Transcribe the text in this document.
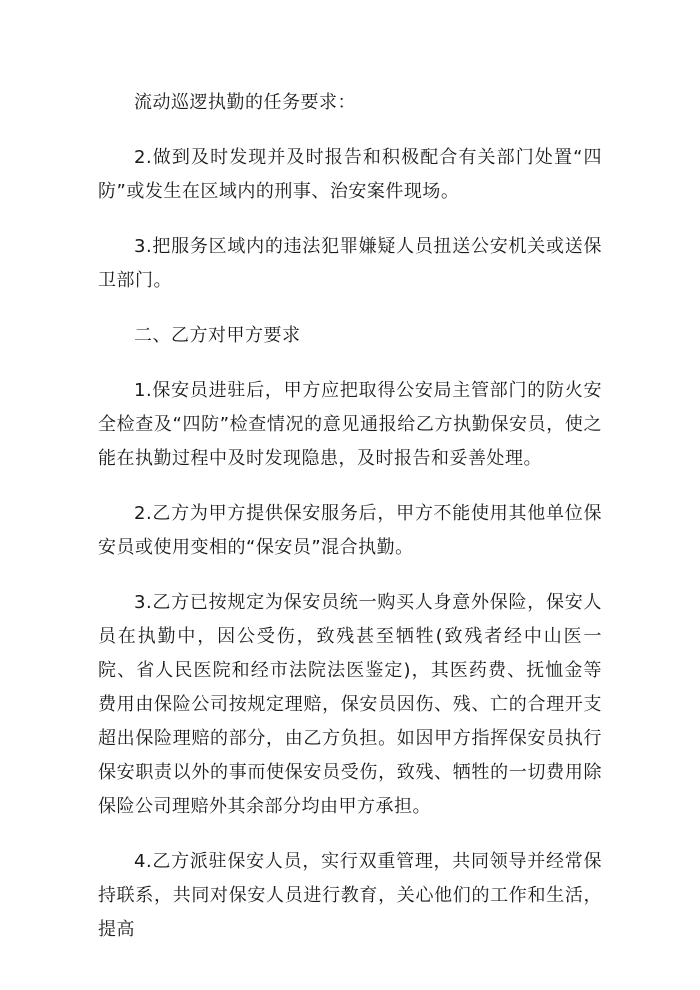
流动巡逻执勤的任务要求：

2.做到及时发现并及时报告和积极配合有关部门处置“四防”或发生在区域内的刑事、治安案件现场。

3.把服务区域内的违法犯罪嫌疑人员扭送公安机关或送保卫部门。

二、乙方对甲方要求

1.保安员进驻后，甲方应把取得公安局主管部门的防火安全检查及“四防”检查情况的意见通报给乙方执勤保安员，使之能在执勤过程中及时发现隐患，及时报告和妥善处理。

2.乙方为甲方提供保安服务后，甲方不能使用其他单位保安员或使用变相的“保安员”混合执勤。

3.乙方已按规定为保安员统一购买人身意外保险，保安人员在执勤中，因公受伤，致残甚至牺牲(致残者经中山医一院、省人民医院和经市法院法医鉴定)，其医药费、抚恤金等费用由保险公司按规定理赔，保安员因伤、残、亡的合理开支超出保险理赔的部分，由乙方负担。如因甲方指挥保安员执行保安职责以外的事而使保安员受伤，致残、牺牲的一切费用除保险公司理赔外其余部分均由甲方承担。

4.乙方派驻保安人员，实行双重管理，共同领导并经常保持联系，共同对保安人员进行教育，关心他们的工作和生活，提高
